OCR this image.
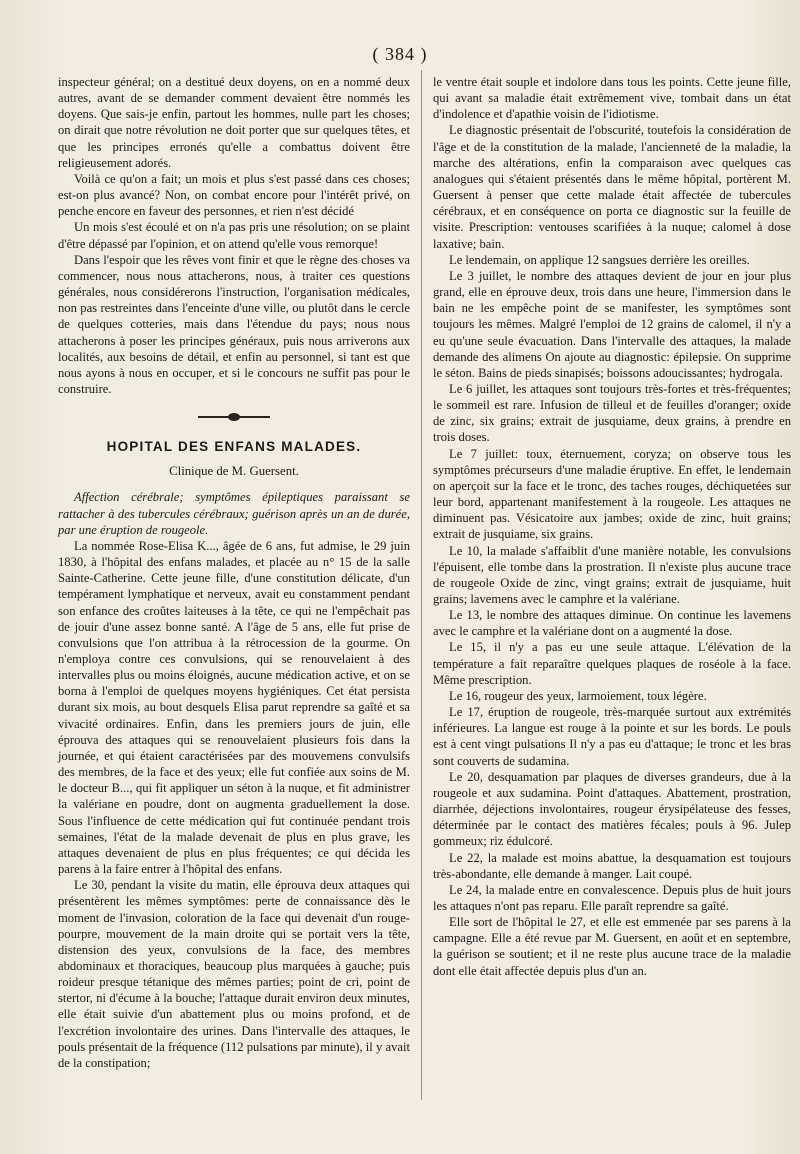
( 384 )

inspecteur général; on a destitué deux doyens, on en a nommé deux autres, avant de se demander comment devaient être nommés les doyens. Que sais-je enfin, partout les hommes, nulle part les choses; on dirait que notre révolution ne doit porter que sur quelques têtes, et que les principes erronés qu'elle a combattus doivent être religieusement adorés.

Voilà ce qu'on a fait; un mois et plus s'est passé dans ces choses; est-on plus avancé? Non, on combat encore pour l'intérêt privé, on penche encore en faveur des personnes, et rien n'est décidé

Un mois s'est écoulé et on n'a pas pris une résolution; on se plaint d'être dépassé par l'opinion, et on attend qu'elle vous remorque!

Dans l'espoir que les rêves vont finir et que le règne des choses va commencer, nous nous attacherons, nous, à traiter ces questions générales, nous considérerons l'instruction, l'organisation médicales, non pas restreintes dans l'enceinte d'une ville, ou plutôt dans le cercle de quelques cotteries, mais dans l'étendue du pays; nous nous attacherons à poser les principes généraux, puis nous arriverons aux localités, aux besoins de détail, et enfin au personnel, si tant est que nous ayons à nous en occuper, et si le concours ne suffit pas pour le construire.

HOPITAL DES ENFANS MALADES.
Clinique de M. Guersent.

Affection cérébrale; symptômes épileptiques paraissant se rattacher à des tubercules cérébraux; guérison après un an de durée, par une éruption de rougeole.

La nommée Rose-Elisa K..., âgée de 6 ans, fut admise, le 29 juin 1830, à l'hôpital des enfans malades, et placée au n° 15 de la salle Sainte-Catherine. Cette jeune fille, d'une constitution délicate, d'un tempérament lymphatique et nerveux, avait eu constamment pendant son enfance des croûtes laiteuses à la tête, ce qui ne l'empêchait pas de jouir d'une assez bonne santé. A l'âge de 5 ans, elle fut prise de convulsions que l'on attribua à la rétrocession de la gourme. On n'employa contre ces convulsions, qui se renouvelaient à des intervalles plus ou moins éloignés, aucune médication active, et on se borna à l'emploi de quelques moyens hygiéniques. Cet état persista durant six mois, au bout desquels Elisa parut reprendre sa gaîté et sa vivacité ordinaires. Enfin, dans les premiers jours de juin, elle éprouva des attaques qui se renouvelaient plusieurs fois dans la journée, et qui étaient caractérisées par des mouvemens convulsifs des membres, de la face et des yeux; elle fut confiée aux soins de M. le docteur B..., qui fit appliquer un séton à la nuque, et fit administrer la valériane en poudre, dont on augmenta graduellement la dose. Sous l'influence de cette médication qui fut continuée pendant trois semaines, l'état de la malade devenait de plus en plus grave, les attaques devenaient de plus en plus fréquentes; ce qui décida les parens à la faire entrer à l'hôpital des enfans.

Le 30, pendant la visite du matin, elle éprouva deux attaques qui présentèrent les mêmes symptômes: perte de connaissance dès le moment de l'invasion, coloration de la face qui devenait d'un rouge-pourpre, mouvement de la main droite qui se portait vers la tête, distension des yeux, convulsions de la face, des membres abdominaux et thoraciques, beaucoup plus marquées à gauche; puis roideur presque tétanique des mêmes parties; point de cri, point de stertor, ni d'écume à la bouche; l'attaque durait environ deux minutes, elle était suivie d'un abattement plus ou moins profond, et de l'excrétion involontaire des urines. Dans l'intervalle des attaques, le pouls présentait de la fréquence (112 pulsations par minute), il y avait de la constipation;

le ventre était souple et indolore dans tous les points. Cette jeune fille, qui avant sa maladie était extrêmement vive, tombait dans un état d'indolence et d'apathie voisin de l'idiotisme.

Le diagnostic présentait de l'obscurité, toutefois la considération de l'âge et de la constitution de la malade, l'ancienneté de la maladie, la marche des altérations, enfin la comparaison avec quelques cas analogues qui s'étaient présentés dans le même hôpital, portèrent M. Guersent à penser que cette malade était affectée de tubercules cérébraux, et en conséquence on porta ce diagnostic sur la feuille de visite. Prescription: ventouses scarifiées à la nuque; calomel à dose laxative; bain.

Le lendemain, on applique 12 sangsues derrière les oreilles.

Le 3 juillet, le nombre des attaques devient de jour en jour plus grand, elle en éprouve deux, trois dans une heure, l'immersion dans le bain ne les empêche point de se manifester, les symptômes sont toujours les mêmes. Malgré l'emploi de 12 grains de calomel, il n'y a eu qu'une seule évacuation. Dans l'intervalle des attaques, la malade demande des alimens On ajoute au diagnostic: épilepsie. On supprime le séton. Bains de pieds sinapisés; boissons adoucissantes; hydrogala.

Le 6 juillet, les attaques sont toujours très-fortes et très-fréquentes; le sommeil est rare. Infusion de tilleul et de feuilles d'oranger; oxide de zinc, six grains; extrait de jusquiame, deux grains, à prendre en trois doses.

Le 7 juillet: toux, éternuement, coryza; on observe tous les symptômes précurseurs d'une maladie éruptive. En effet, le lendemain on aperçoit sur la face et le tronc, des taches rouges, déchiquetées sur leur bord, appartenant manifestement à la rougeole. Les attaques ne diminuent pas. Vésicatoire aux jambes; oxide de zinc, huit grains; extrait de jusquiame, six grains.

Le 10, la malade s'affaiblit d'une manière notable, les convulsions l'épuisent, elle tombe dans la prostration. Il n'existe plus aucune trace de rougeole Oxide de zinc, vingt grains; extrait de jusquiame, huit grains; lavemens avec le camphre et la valériane.

Le 13, le nombre des attaques diminue. On continue les lavemens avec le camphre et la valériane dont on a augmenté la dose.

Le 15, il n'y a pas eu une seule attaque. L'élévation de la température a fait reparaître quelques plaques de roséole à la face. Même prescription.

Le 16, rougeur des yeux, larmoiement, toux légère.

Le 17, éruption de rougeole, très-marquée surtout aux extrémités inférieures. La langue est rouge à la pointe et sur les bords. Le pouls est à cent vingt pulsations Il n'y a pas eu d'attaque; le tronc et les bras sont couverts de sudamina.

Le 20, desquamation par plaques de diverses grandeurs, due à la rougeole et aux sudamina. Point d'attaques. Abattement, prostration, diarrhée, déjections involontaires, rougeur érysipélateuse des fesses, déterminée par le contact des matières fécales; pouls à 96. Julep gommeux; riz édulcoré.

Le 22, la malade est moins abattue, la desquamation est toujours très-abondante, elle demande à manger. Lait coupé.

Le 24, la malade entre en convalescence. Depuis plus de huit jours les attaques n'ont pas reparu. Elle paraît reprendre sa gaîté.

Elle sort de l'hôpital le 27, et elle est emmenée par ses parens à la campagne. Elle a été revue par M. Guersent, en août et en septembre, la guérison se soutient; et il ne reste plus aucune trace de la maladie dont elle était affectée depuis plus d'un an.
